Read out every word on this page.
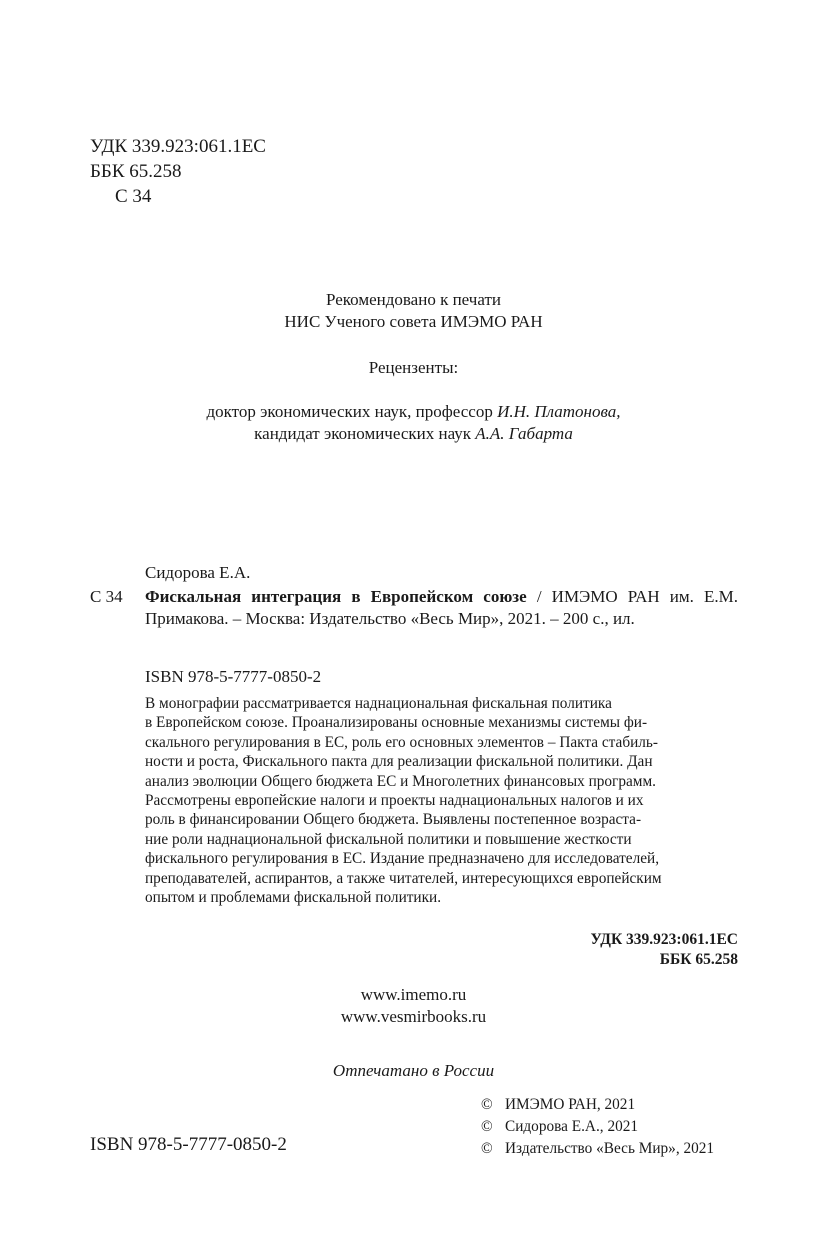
УДК 339.923:061.1ЕС
ББК 65.258
С 34
Рекомендовано к печати
НИС Ученого совета ИМЭМО РАН
Рецензенты:
доктор экономических наук, профессор И.Н. Платонова,
кандидат экономических наук А.А. Габарта
Сидорова Е.А.
С 34 Фискальная интеграция в Европейском союзе / ИМЭМО РАН им. Е.М. Примакова. – Москва: Издательство «Весь Мир», 2021. – 200 с., ил.
ISBN 978-5-7777-0850-2
В монографии рассматривается наднациональная фискальная политика
в Европейском союзе. Проанализированы основные механизмы системы фи-
скального регулирования в ЕС, роль его основных элементов – Пакта стабиль-
ности и роста, Фискального пакта для реализации фискальной политики. Дан
анализ эволюции Общего бюджета ЕС и Многолетних финансовых программ.
Рассмотрены европейские налоги и проекты наднациональных налогов и их
роль в финансировании Общего бюджета. Выявлены постепенное возраста-
ние роли наднациональной фискальной политики и повышение жесткости
фискального регулирования в ЕС. Издание предназначено для исследователей,
преподавателей, аспирантов, а также читателей, интересующихся европейским
опытом и проблемами фискальной политики.
УДК 339.923:061.1ЕС
ББК 65.258
www.imemo.ru
www.vesmirbooks.ru
Отпечатано в России
ISBN 978-5-7777-0850-2
© ИМЭМО РАН, 2021
© Сидорова Е.А., 2021
© Издательство «Весь Мир», 2021
